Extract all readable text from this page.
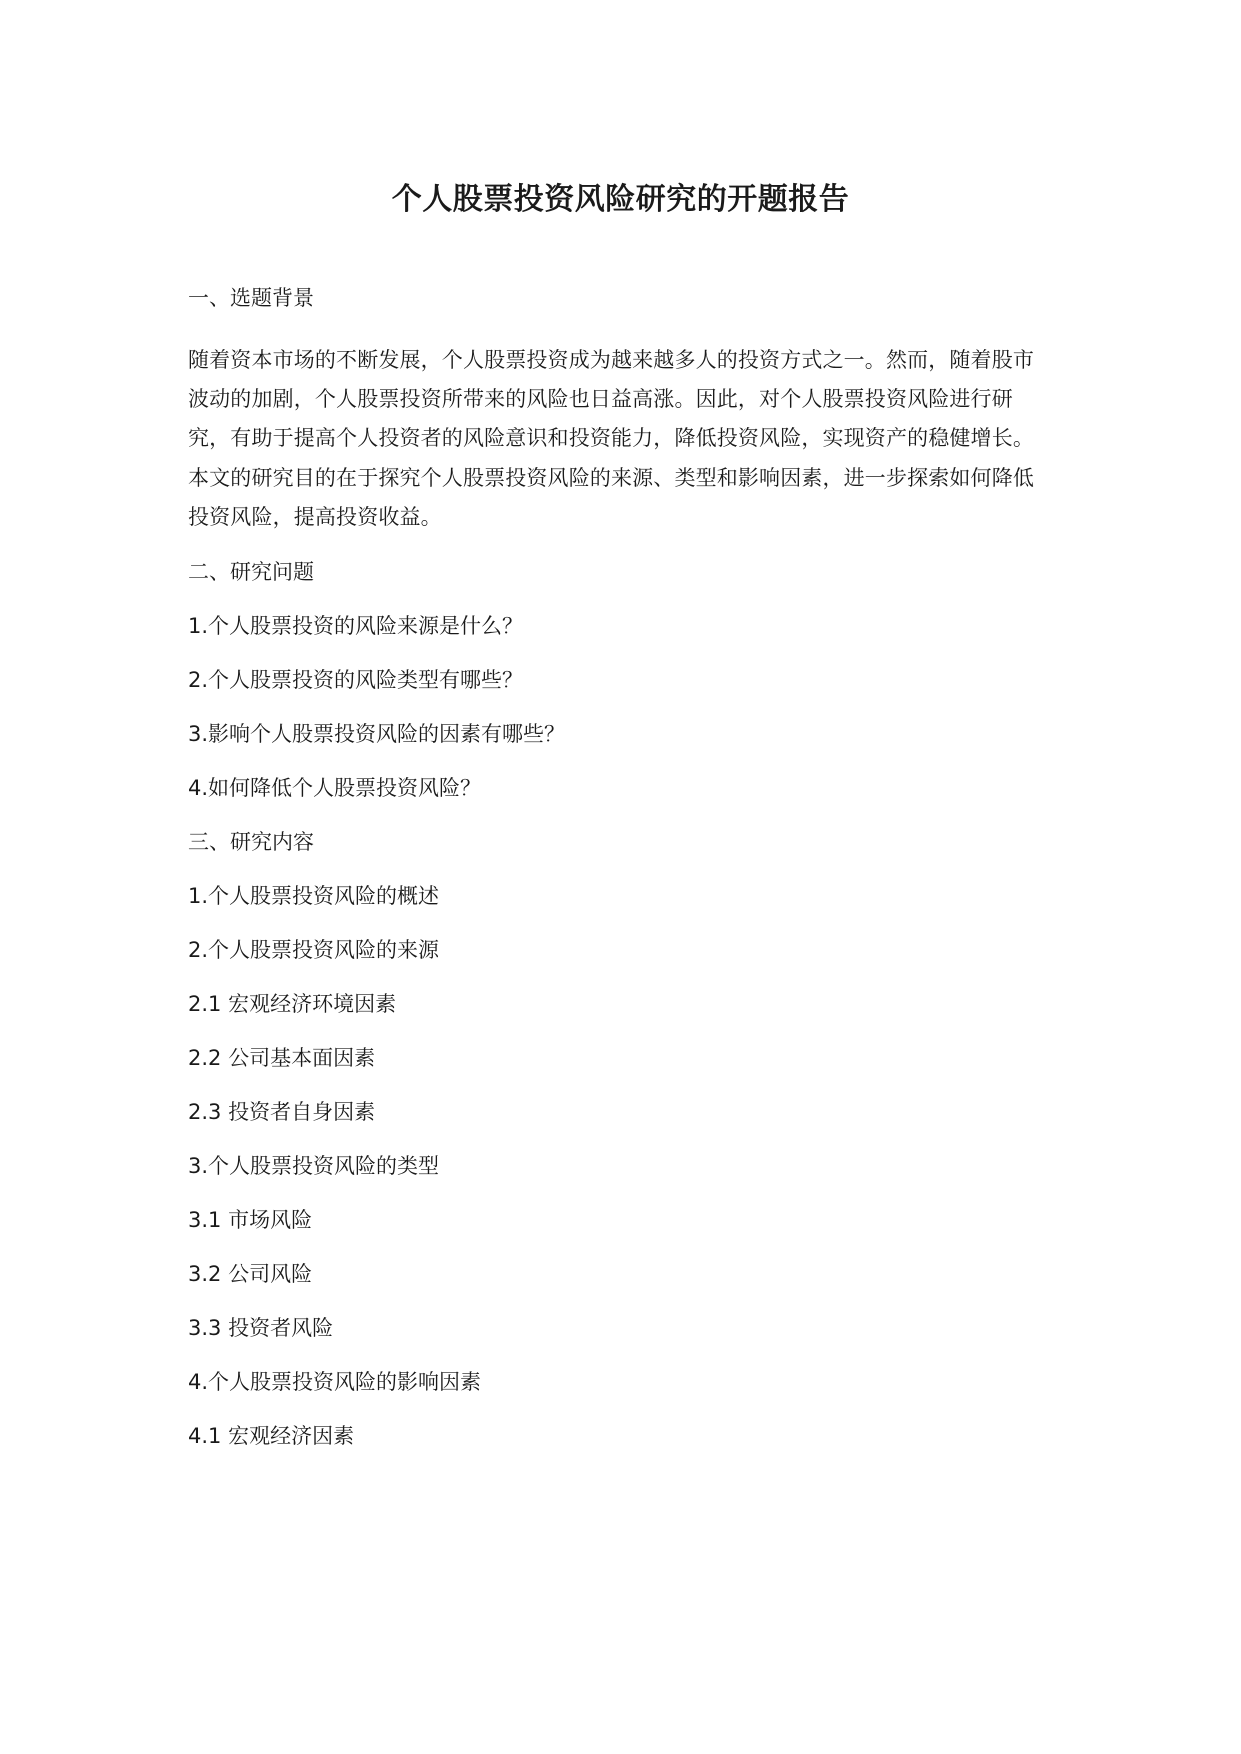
个人股票投资风险研究的开题报告

一、选题背景

随着资本市场的不断发展，个人股票投资成为越来越多人的投资方式之一。然而，随着股市波动的加剧，个人股票投资所带来的风险也日益高涨。因此，对个人股票投资风险进行研究，有助于提高个人投资者的风险意识和投资能力，降低投资风险，实现资产的稳健增长。本文的研究目的在于探究个人股票投资风险的来源、类型和影响因素，进一步探索如何降低投资风险，提高投资收益。

二、研究问题

1.个人股票投资的风险来源是什么？

2.个人股票投资的风险类型有哪些？

3.影响个人股票投资风险的因素有哪些？

4.如何降低个人股票投资风险？

三、研究内容

1.个人股票投资风险的概述

2.个人股票投资风险的来源

2.1 宏观经济环境因素

2.2 公司基本面因素

2.3 投资者自身因素

3.个人股票投资风险的类型

3.1 市场风险

3.2 公司风险

3.3 投资者风险

4.个人股票投资风险的影响因素

4.1 宏观经济因素
